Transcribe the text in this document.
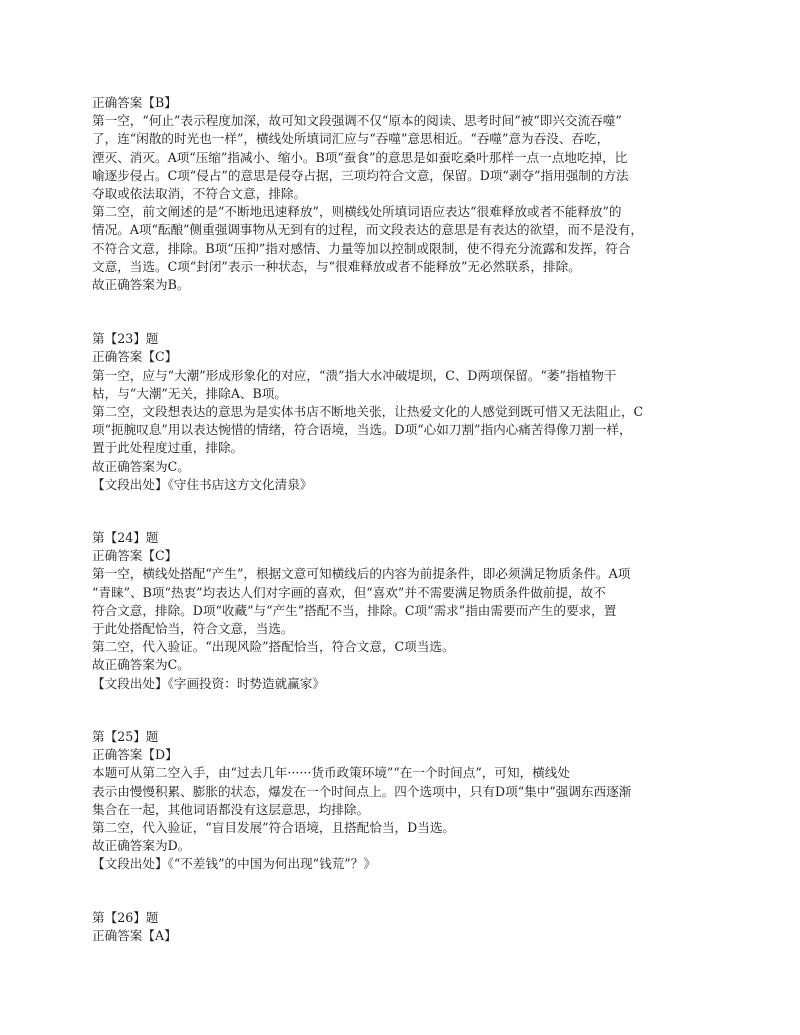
正确答案【B】
第一空，“何止”表示程度加深，故可知文段强调不仅“原本的阅读、思考时间”被“即兴交流吞噬”
了，连“闲散的时光也一样”，横线处所填词汇应与“吞噬”意思相近。“吞噬”意为吞没、吞吃，
湮灭、消灭。A项“压缩”指减小、缩小。B项“蚕食”的意思是如蚕吃桑叶那样一点一点地吃掉，比
喻逐步侵占。C项“侵占”的意思是侵夺占据，三项均符合文意，保留。D项“剥夺”指用强制的方法
夺取或依法取消，不符合文意，排除。
第二空，前文阐述的是“不断地迅速释放”，则横线处所填词语应表达“很难释放或者不能释放”的
情况。A项“酝酿”侧重强调事物从无到有的过程，而文段表达的意思是有表达的欲望，而不是没有，
不符合文意，排除。B项“压抑”指对感情、力量等加以控制或限制，使不得充分流露和发挥，符合
文意，当选。C项“封闭”表示一种状态，与“很难释放或者不能释放”无必然联系，排除。
故正确答案为B。
第【23】题
正确答案【C】
第一空，应与“大潮”形成形象化的对应，“溃”指大水冲破堤坝，C、D两项保留。“萎”指植物干
枯，与“大潮”无关，排除A、B项。
第二空，文段想表达的意思为是实体书店不断地关张，让热爱文化的人感觉到既可惜又无法阻止，C
项“扼腕叹息”用以表达惋惜的情绪，符合语境，当选。D项“心如刀割”指内心痛苦得像刀割一样，
置于此处程度过重，排除。
故正确答案为C。
【文段出处】《守住书店这方文化清泉》
第【24】题
正确答案【C】
第一空，横线处搭配“产生”，根据文意可知横线后的内容为前提条件，即必须满足物质条件。A项
“青睐”、B项“热衷”均表达人们对字画的喜欢，但“喜欢”并不需要满足物质条件做前提，故不
符合文意，排除。D项“收藏”与“产生”搭配不当，排除。C项“需求”指由需要而产生的要求，置
于此处搭配恰当，符合文意，当选。
第二空，代入验证。“出现风险”搭配恰当，符合文意，C项当选。
故正确答案为C。
【文段出处】《字画投资：时势造就赢家》
第【25】题
正确答案【D】
本题可从第二空入手，由“过去几年······货币政策环境”“在一个时间点”，可知，横线处
表示由慢慢积累、膨胀的状态，爆发在一个时间点上。四个选项中，只有D项“集中”强调东西逐渐
集合在一起，其他词语都没有这层意思，均排除。
第二空，代入验证，“盲目发展”符合语境，且搭配恰当，D当选。
故正确答案为D。
【文段出处】《“不差钱”的中国为何出现“钱荒”？》
第【26】题
正确答案【A】
